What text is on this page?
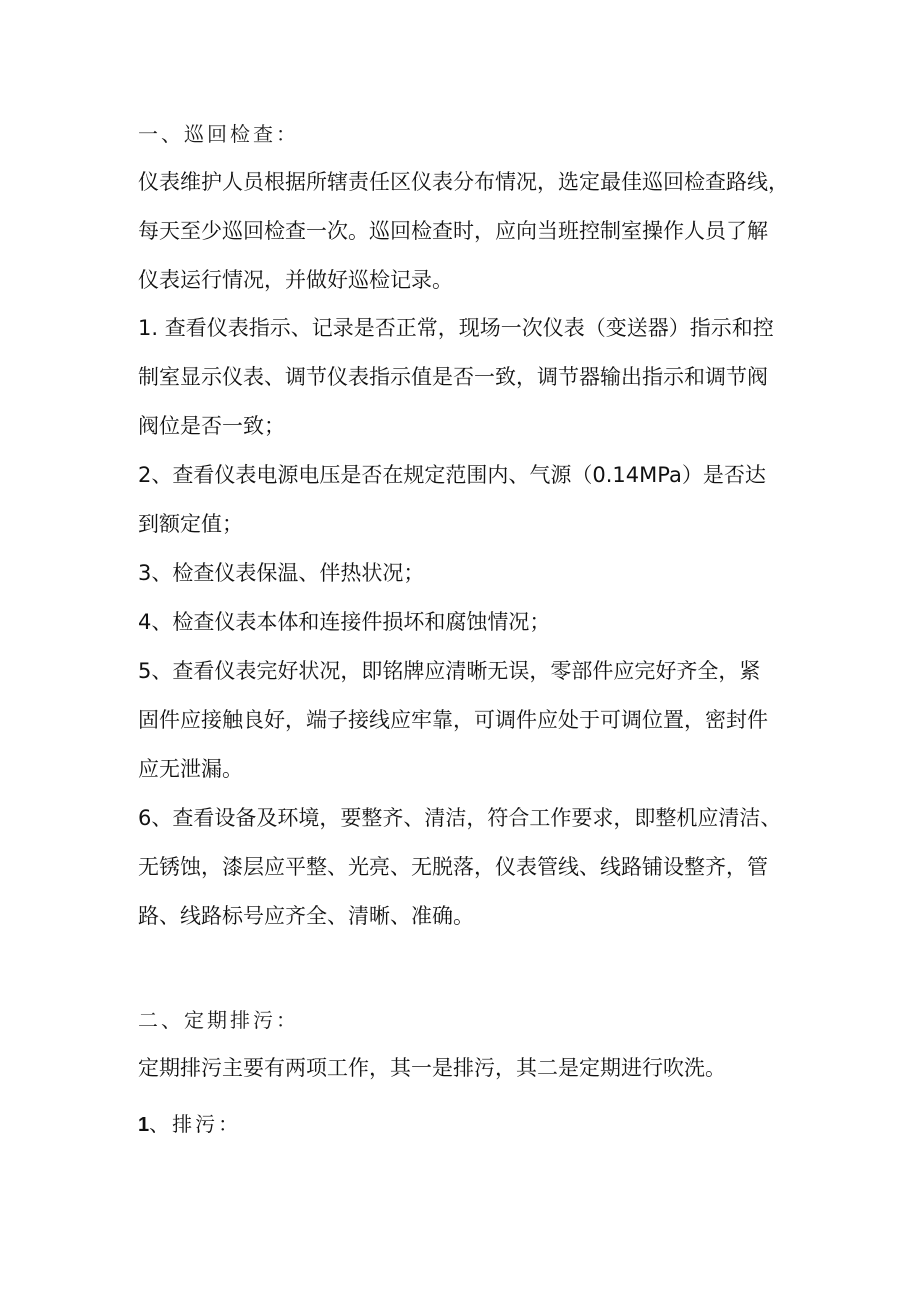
一、巡回检查：
仪表维护人员根据所辖责任区仪表分布情况，选定最佳巡回检查路线，
每天至少巡回检查一次。巡回检查时，应向当班控制室操作人员了解
仪表运行情况，并做好巡检记录。
1. 查看仪表指示、记录是否正常，现场一次仪表（变送器）指示和控
制室显示仪表、调节仪表指示值是否一致，调节器输出指示和调节阀
阀位是否一致；
2、查看仪表电源电压是否在规定范围内、气源（0.14MPa）是否达
到额定值；
3、检查仪表保温、伴热状况；
4、检查仪表本体和连接件损坏和腐蚀情况；
5、查看仪表完好状况，即铭牌应清晰无误，零部件应完好齐全，紧
固件应接触良好，端子接线应牢靠，可调件应处于可调位置，密封件
应无泄漏。
6、查看设备及环境，要整齐、清洁，符合工作要求，即整机应清洁、
无锈蚀，漆层应平整、光亮、无脱落，仪表管线、线路铺设整齐，管
路、线路标号应齐全、清晰、准确。
二、定期排污：
定期排污主要有两项工作，其一是排污，其二是定期进行吹洗。
1、排污：
